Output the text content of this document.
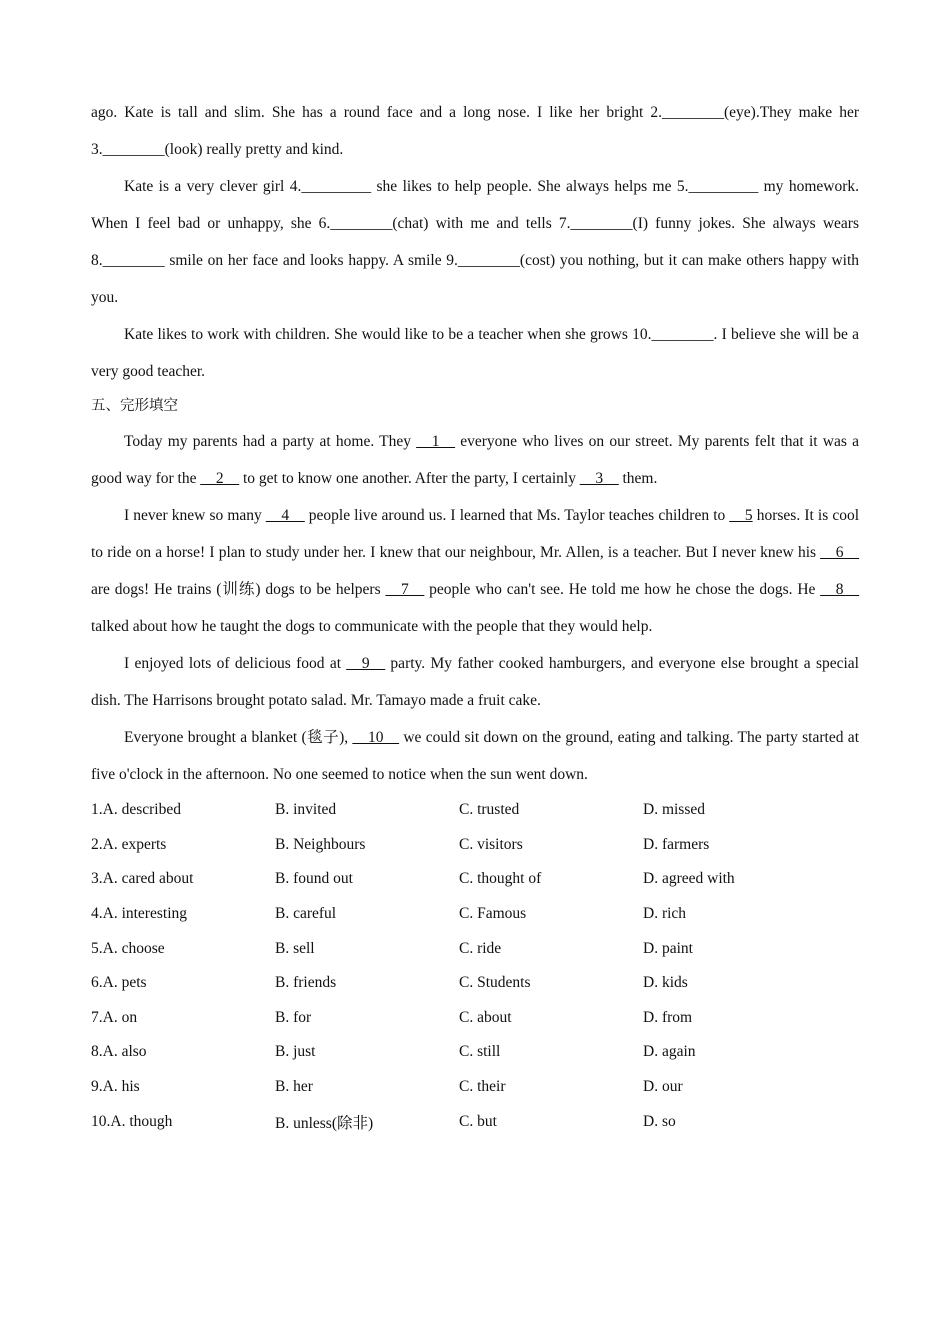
ago. Kate is tall and slim. She has a round face and a long nose. I like her bright 2.________(eye).They make her 3.________(look) really pretty and kind.

Kate is a very clever girl 4._________ she likes to help people. She always helps me 5._________ my homework. When I feel bad or unhappy, she 6.________(chat) with me and tells 7.________(I) funny jokes. She always wears 8.________ smile on her face and looks happy. A smile 9.________(cost) you nothing, but it can make others happy with you.

Kate likes to work with children. She would like to be a teacher when she grows 10.________. I believe she will be a very good teacher.

五、完形填空

Today my parents had a party at home. They __1__ everyone who lives on our street. My parents felt that it was a good way for the __2__ to get to know one another. After the party, I certainly __3__ them.

I never knew so many __4__ people live around us. I learned that Ms. Taylor teaches children to __5 horses. It is cool to ride on a horse! I plan to study under her. I knew that our neighbour, Mr. Allen, is a teacher. But I never knew his __6__ are dogs! He trains (训练) dogs to be helpers __7__ people who can't see. He told me how he chose the dogs. He __8__ talked about how he taught the dogs to communicate with the people that they would help.

I enjoyed lots of delicious food at __9__ party. My father cooked hamburgers, and everyone else brought a special dish. The Harrisons brought potato salad. Mr. Tamayo made a fruit cake.

Everyone brought a blanket (毯子), __10__ we could sit down on the ground, eating and talking. The party started at five o'clock in the afternoon. No one seemed to notice when the sun went down.

1.A. described	B. invited	C. trusted	D. missed
2.A. experts	B. Neighbours	C. visitors	D. farmers
3.A. cared about	B. found out	C. thought of	D. agreed with
4.A. interesting	B. careful	C. Famous	D. rich
5.A. choose	B. sell	C. ride	D. paint
6.A. pets	B. friends	C. Students	D. kids
7.A. on	B. for	C. about	D. from
8.A. also	B. just	C. still	D. again
9.A. his	B. her	C. their	D. our
10.A. though	B. unless(除非)	C. but	D. so
